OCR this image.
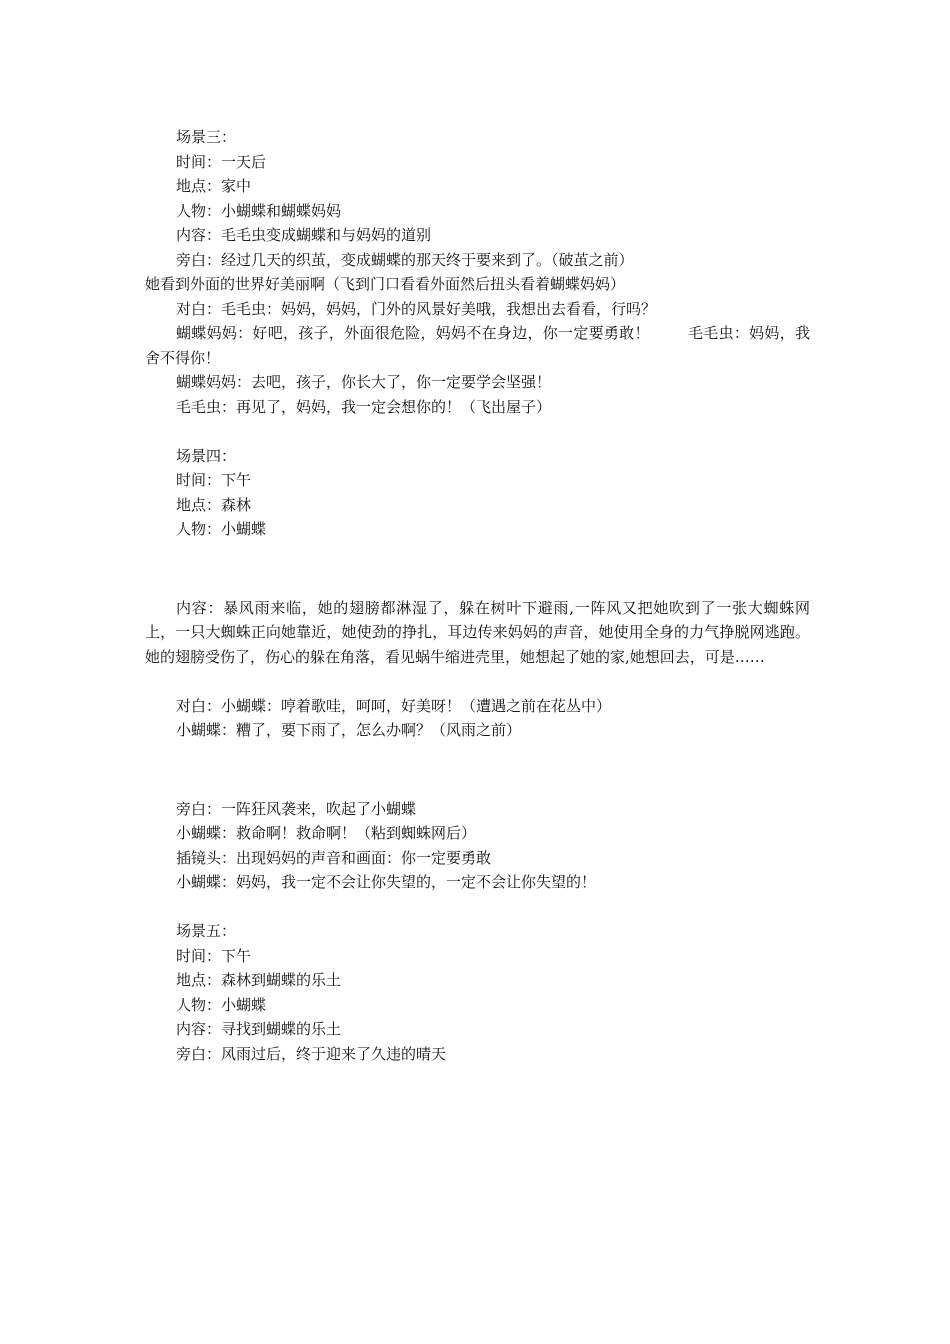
场景三：
时间：一天后
地点：家中
人物：小蝴蝶和蝴蝶妈妈
内容：毛毛虫变成蝴蝶和与妈妈的道别
旁白：经过几天的织茧，变成蝴蝶的那天终于要来到了。（破茧之前）
她看到外面的世界好美丽啊（飞到门口看看外面然后扭头看着蝴蝶妈妈）
对白：毛毛虫：妈妈，妈妈，门外的风景好美哦，我想出去看看，行吗？

蝴蝶妈妈：好吧，孩子，外面很危险，妈妈不在身边，你一定要勇敢！	毛毛虫：妈妈，我舍不得你！

蝴蝶妈妈：去吧，孩子，你长大了，你一定要学会坚强！
毛毛虫：再见了，妈妈，我一定会想你的！（飞出屋子）
场景四：
时间：下午
地点：森林
人物：小蝴蝶

内容：暴风雨来临，她的翅膀都淋湿了，躲在树叶下避雨,一阵风又把她吹到了一张大蜘蛛网上，一只大蜘蛛正向她靠近，她使劲的挣扎，耳边传来妈妈的声音，她使用全身的力气挣脱网逃跑。她的翅膀受伤了，伤心的躲在角落，看见蜗牛缩进壳里，她想起了她的家,她想回去，可是……

对白：小蝴蝶：哼着歌哇，呵呵，好美呀！（遭遇之前在花丛中）
小蝴蝶：糟了，要下雨了，怎么办啊？（风雨之前）
旁白：一阵狂风袭来，吹起了小蝴蝶
小蝴蝶：救命啊！救命啊！（粘到蜘蛛网后）
插镜头：出现妈妈的声音和画面：你一定要勇敢
小蝴蝶：妈妈，我一定不会让你失望的，一定不会让你失望的！
场景五：
时间：下午
地点：森林到蝴蝶的乐土
人物：小蝴蝶
内容：寻找到蝴蝶的乐土
旁白：风雨过后，终于迎来了久违的晴天
